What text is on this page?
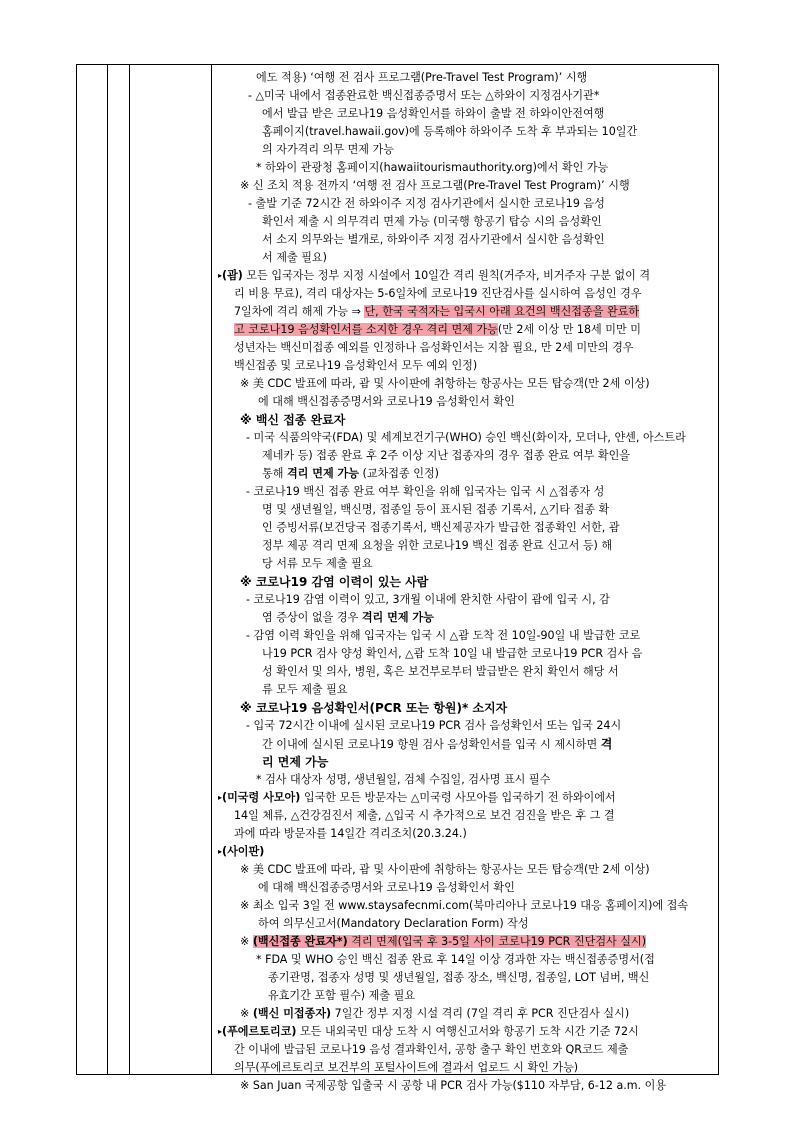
에도 적용) ‘여행 전 검사 프로그램(Pre-Travel Test Program)’ 시행
- △미국 내에서 접종완료한 백신접종증명서 또는 △하와이 지정검사기관*
에서 발급 받은 코로나19 음성확인서를 하와이 출발 전 하와이안전여행
홈페이지(travel.hawaii.gov)에 등록해야 하와이주 도착 후 부과되는 10일간
의 자가격리 의무 면제 가능
* 하와이 관광청 홈페이지(hawaiitourismauthority.org)에서 확인 가능
※ 신 조치 적용 전까지 ‘여행 전 검사 프로그램(Pre-Travel Test Program)’ 시행
- 출발 기준 72시간 전 하와이주 지정 검사기관에서 실시한 코로나19 음성
확인서 제출 시 의무격리 면제 가능 (미국행 항공기 탑승 시의 음성확인
서 소지 의무와는 별개로, 하와이주 지정 검사기관에서 실시한 음성확인
서 제출 필요)
▸(괌) 모든 입국자는 정부 지정 시설에서 10일간 격리 원칙(거주자, 비거주자 구분 없이 격
리 비용 무료), 격리 대상자는 5-6일차에 코로나19 진단검사를 실시하여 음성인 경우
7일차에 격리 해제 가능 ⇒ 단, 한국 국적자는 입국시 아래 요건의 백신접종을 완료하
고 코로나19 음성확인서를 소지한 경우 격리 면제 가능(만 2세 이상 만 18세 미만 미
성년자는 백신미접종 예외를 인정하나 음성확인서는 지참 필요, 만 2세 미만의 경우
백신접종 및 코로나19 음성확인서 모두 예외 인정)
※ 美 CDC 발표에 따라, 괌 및 사이판에 취항하는 항공사는 모든 탑승객(만 2세 이상)
에 대해 백신접종증명서와 코로나19 음성확인서 확인
※ 백신 접종 완료자
- 미국 식품의약국(FDA) 및 세계보건기구(WHO) 승인 백신(화이자, 모더나, 얀센, 아스트라
제네카 등) 접종 완료 후 2주 이상 지난 접종자의 경우 접종 완료 여부 확인을
통해 격리 면제 가능 (교차접종 인정)
- 코로나19 백신 접종 완료 여부 확인을 위해 입국자는 입국 시 △접종자 성
명 및 생년월일, 백신명, 접종일 등이 표시된 접종 기록서, △기타 접종 확
인 증빙서류(보건당국 접종기록서, 백신제공자가 발급한 접종확인 서한, 괌
정부 제공 격리 면제 요청을 위한 코로나19 백신 접종 완료 신고서 등) 해
당 서류 모두 제출 필요
※ 코로나19 감염 이력이 있는 사람
- 코로나19 감염 이력이 있고, 3개월 이내에 완치한 사람이 괌에 입국 시, 감
염 증상이 없을 경우 격리 면제 가능
- 감염 이력 확인을 위해 입국자는 입국 시 △괌 도착 전 10일-90일 내 발급한 코로
나19 PCR 검사 양성 확인서, △괌 도착 10일 내 발급한 코로나19 PCR 검사 음
성 확인서 및 의사, 병원, 혹은 보건부로부터 발급받은 완치 확인서 해당 서
류 모두 제출 필요
※ 코로나19 음성확인서(PCR 또는 항원)* 소지자
- 입국 72시간 이내에 실시된 코로나19 PCR 검사 음성확인서 또는 입국 24시
간 이내에 실시된 코로나19 항원 검사 음성확인서를 입국 시 제시하면 격
리 면제 가능
* 검사 대상자 성명, 생년월일, 검체 수집일, 검사명 표시 필수
▸(미국령 사모아) 입국한 모든 방문자는 △미국령 사모아를 입국하기 전 하와이에서
14일 체류, △건강검진서 제출, △입국 시 추가적으로 보건 검진을 받은 후 그 결
과에 따라 방문자를 14일간 격리조치(20.3.24.)
▸(사이판)
※ 美 CDC 발표에 따라, 괌 및 사이판에 취항하는 항공사는 모든 탑승객(만 2세 이상)
에 대해 백신접종증명서와 코로나19 음성확인서 확인
※ 최소 입국 3일 전 www.staysafecnmi.com(북마리아나 코로나19 대응 홈페이지)에 접속
하여 의무신고서(Mandatory Declaration Form) 작성
※ (백신접종 완료자*) 격리 면제(입국 후 3-5일 사이 코로나19 PCR 진단검사 실시)
* FDA 및 WHO 승인 백신 접종 완료 후 14일 이상 경과한 자는 백신접종증명서(접
종기관명, 접종자 성명 및 생년월일, 접종 장소, 백신명, 접종일, LOT 넘버, 백신
유효기간 포함 필수) 제출 필요
※ (백신 미접종자) 7일간 정부 지정 시설 격리 (7일 격리 후 PCR 진단검사 실시)
▸(푸에르토리코) 모든 내외국민 대상 도착 시 여행신고서와 항공기 도착 시간 기준 72시
간 이내에 발급된 코로나19 음성 결과확인서, 공항 출구 확인 번호와 QR코드 제출
의무(푸에르토리코 보건부의 포털사이트에 결과서 업로드 시 확인 가능)
※ San Juan 국제공항 입출국 시 공항 내 PCR 검사 가능($110 자부담, 6-12 a.m. 이용
